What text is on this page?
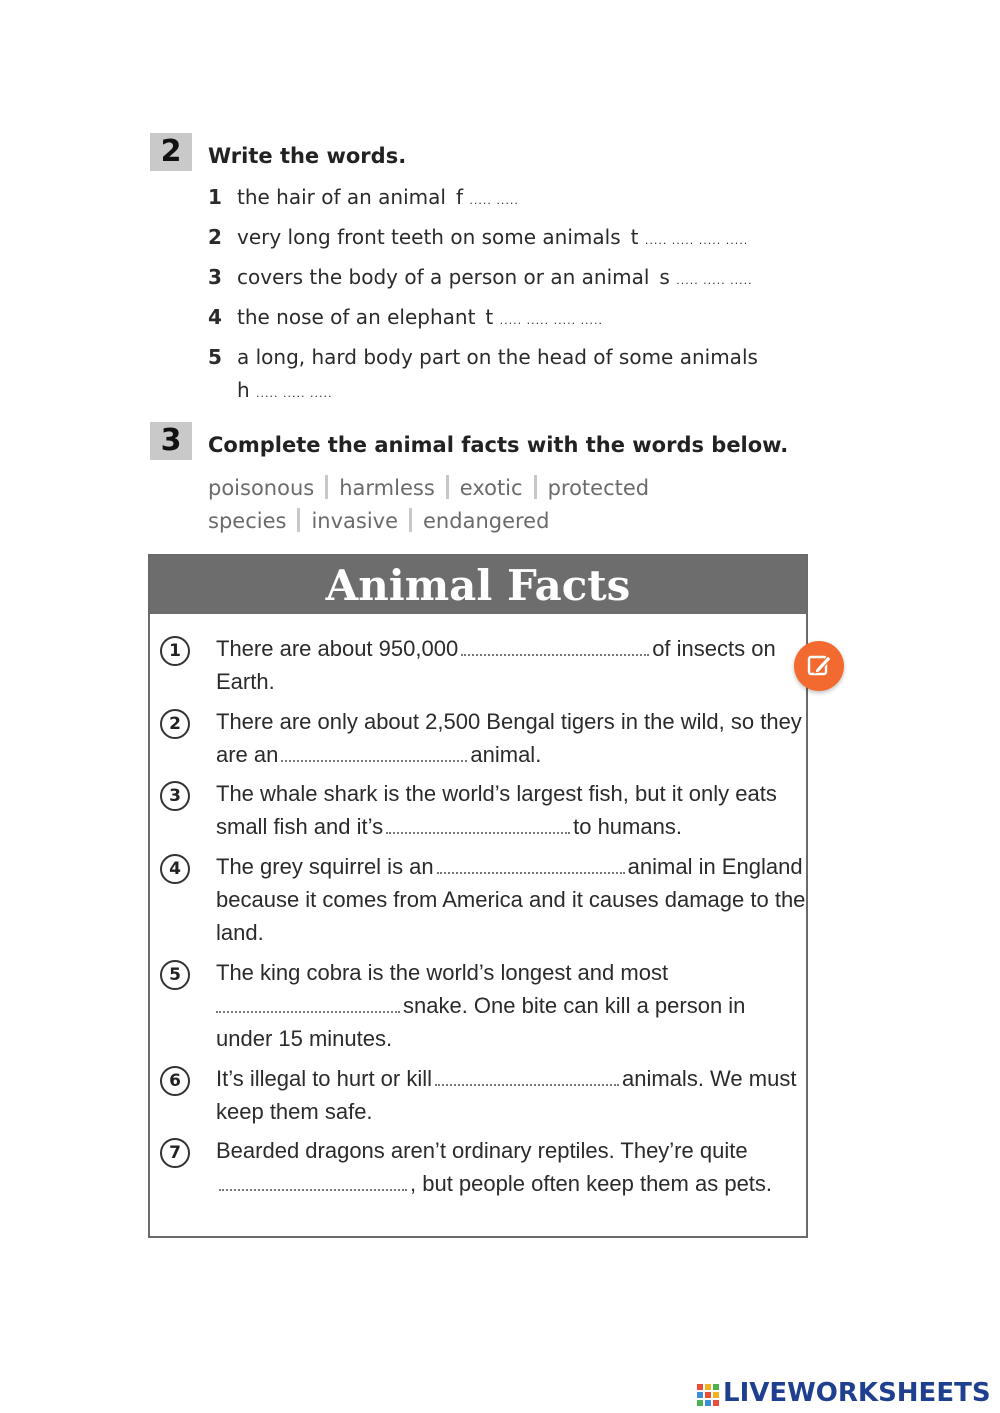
2	Write the words.
1 the hair of an animal f ..... .....
2 very long front teeth on some animals t ..... ..... ..... .....
3 covers the body of a person or an animal s ..... ..... .....
4 the nose of an elephant t ..... ..... ..... .....
5 a long, hard body part on the head of some animals
h ..... ..... .....
3	Complete the animal facts with the words below.
poisonous harmless exotic protected
species invasive endangered
Animal Facts
1	There are about 950,000	of insects on Earth.
2	There are only about 2,500 Bengal tigers in the wild, so they are an	animal.
3	The whale shark is the world’s largest fish, but it only eats small fish and it’s	to humans.
4	The grey squirrel is an	animal in England because it comes from America and it causes damage to the land.
5	The king cobra is the world’s longest and most snake. One bite can kill a person in under 15 minutes.
6	It’s illegal to hurt or kill	animals. We must keep them safe.
7	Bearded dragons aren’t ordinary reptiles. They’re quite, but people often keep them as pets.
LIVEWORKSHEETS
